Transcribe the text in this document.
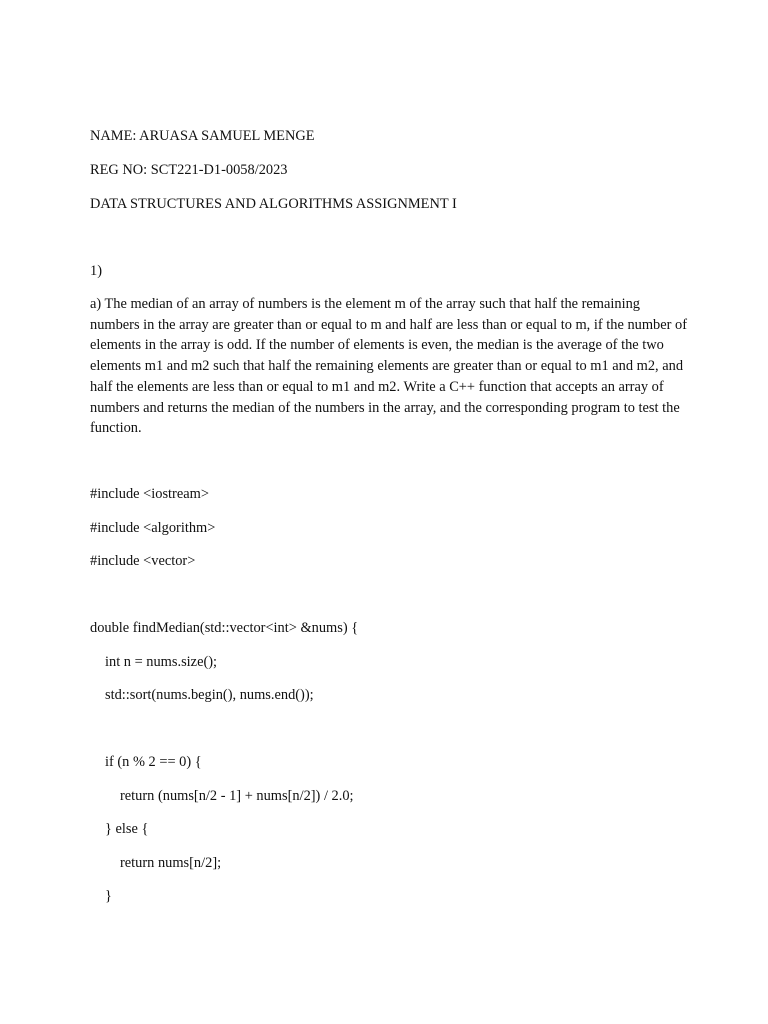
NAME: ARUASA SAMUEL MENGE
REG NO: SCT221-D1-0058/2023
DATA STRUCTURES AND ALGORITHMS ASSIGNMENT I
1)
a) The median of an array of numbers is the element m of the array such that half the remaining numbers in the array are greater than or equal to m and half are less than or equal to m, if the number of elements in the array is odd. If the number of elements is even, the median is the average of the two elements m1 and m2 such that half the remaining elements are greater than or equal to m1 and m2, and half the elements are less than or equal to m1 and m2. Write a C++ function that accepts an array of numbers and returns the median of the numbers in the array, and the corresponding program to test the function.
#include <iostream>
#include <algorithm>
#include <vector>
double findMedian(std::vector<int> &nums) {
int n = nums.size();
std::sort(nums.begin(), nums.end());
if (n % 2 == 0) {
return (nums[n/2 - 1] + nums[n/2]) / 2.0;
} else {
return nums[n/2];
}
